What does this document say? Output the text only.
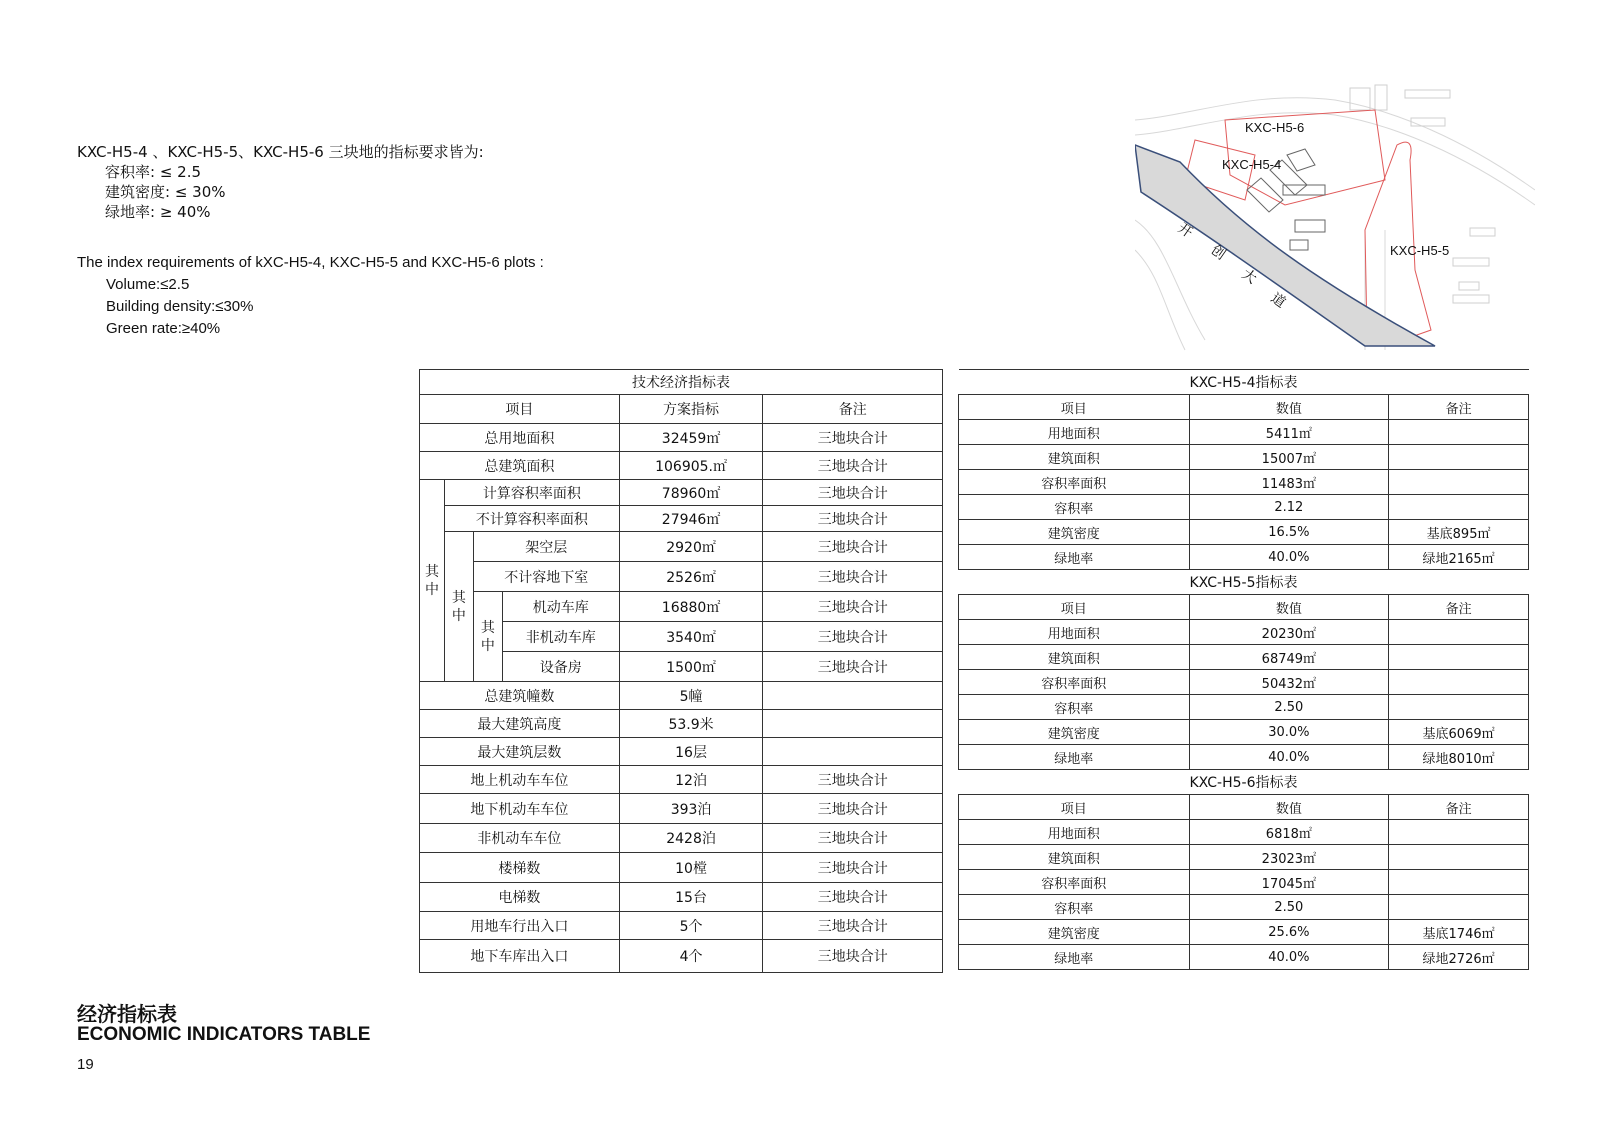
KXC-H5-4 、KXC-H5-5、KXC-H5-6 三块地的指标要求皆为:
容积率: ≤ 2.5
建筑密度: ≤ 30%
绿地率: ≥ 40%
The index requirements of kXC-H5-4, KXC-H5-5 and KXC-H5-6 plots :
Volume:≤2.5
Building density:≤30%
Green rate:≥40%
开
创
大
道
KXC-H5-6
KXC-H5-4
KXC-H5-5
技术经济指标表					
项目				方案指标	备注
总用地面积				32459㎡	三地块合计
总建筑面积				106905.㎡	三地块合计
其中	计算容积率面积			78960㎡	三地块合计
	不计算容积率面积			27946㎡	三地块合计
	其中	架空层		2920㎡	三地块合计
		不计容地下室		2526㎡	三地块合计
		其中	机动车库	16880㎡	三地块合计
			非机动车库	3540㎡	三地块合计
			设备房	1500㎡	三地块合计
总建筑幢数				5幢	
最大建筑高度				53.9米	
最大建筑层数				16层	
地上机动车车位				12泊	三地块合计
地下机动车车位				393泊	三地块合计
非机动车车位				2428泊	三地块合计
楼梯数				10樘	三地块合计
电梯数				15台	三地块合计
用地车行出入口				5个	三地块合计
地下车库出入口				4个	三地块合计
KXC-H5-4指标表		
项目	数值	备注
用地面积	5411㎡	
建筑面积	15007㎡	
容积率面积	11483㎡	
容积率	2.12	
建筑密度	16.5%	基底895㎡
绿地率	40.0%	绿地2165㎡
KXC-H5-5指标表		
项目	数值	备注
用地面积	20230㎡	
建筑面积	68749㎡	
容积率面积	50432㎡	
容积率	2.50	
建筑密度	30.0%	基底6069㎡
绿地率	40.0%	绿地8010㎡
KXC-H5-6指标表		
项目	数值	备注
用地面积	6818㎡	
建筑面积	23023㎡	
容积率面积	17045㎡	
容积率	2.50	
建筑密度	25.6%	基底1746㎡
绿地率	40.0%	绿地2726㎡
经济指标表
ECONOMIC INDICATORS TABLE
19
